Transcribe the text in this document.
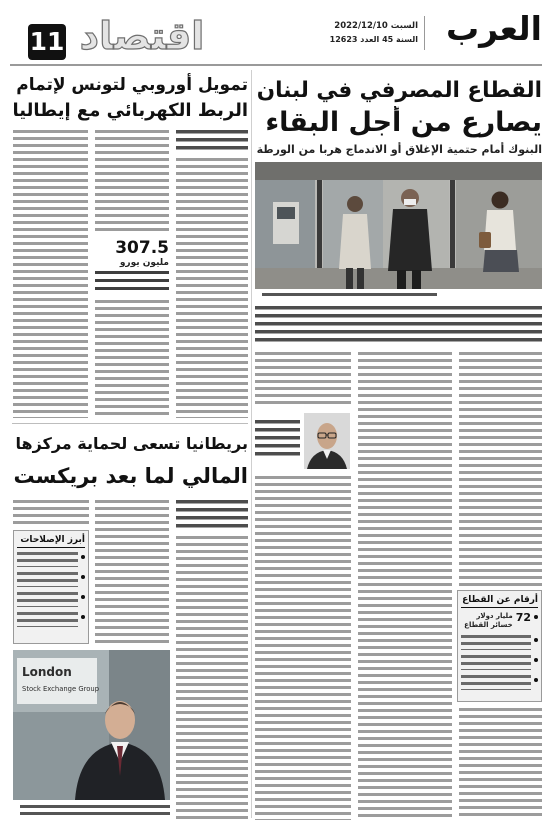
العرب
السبت 2022/12/10
السنة 45 العدد 12623
اقتصاد
11
القطاع المصرفي في لبنان
يصارع من أجل البقاء
البنوك أمام حتمية الإغلاق أو الاندماج هربا من الورطة
أرقام عن القطاع
72
مليار دولار خسائر القطاع
تمويل أوروبي لتونس لإتمام
الربط الكهربائي مع إيطاليا
307.5
مليون يورو
بريطانيا تسعى لحماية مركزها
المالي لما بعد بريكست
أبرز الإصلاحات
London
Stock Exchange Group
